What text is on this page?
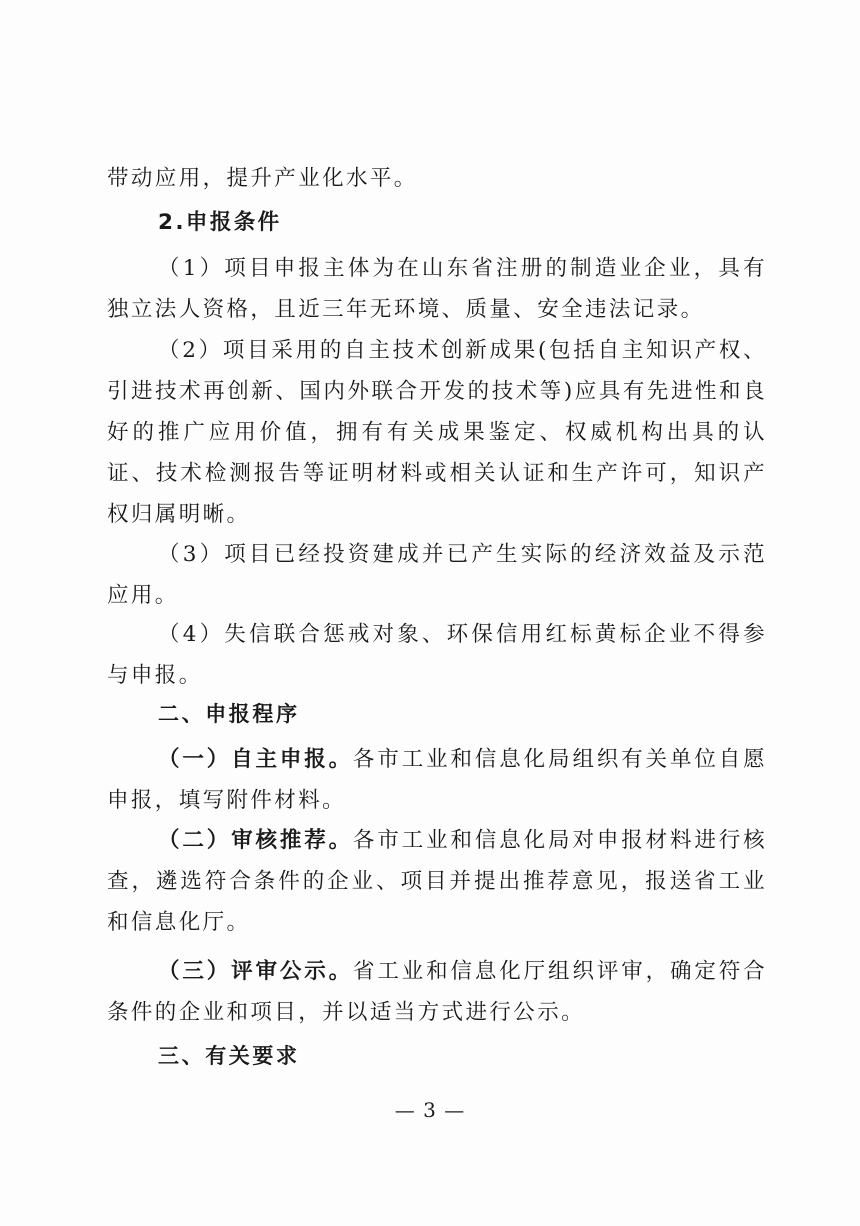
带动应用，提升产业化水平。

2.申报条件

（1）项目申报主体为在山东省注册的制造业企业，具有独立法人资格，且近三年无环境、质量、安全违法记录。

（2）项目采用的自主技术创新成果(包括自主知识产权、引进技术再创新、国内外联合开发的技术等)应具有先进性和良好的推广应用价值，拥有有关成果鉴定、权威机构出具的认证、技术检测报告等证明材料或相关认证和生产许可，知识产权归属明晰。

（3）项目已经投资建成并已产生实际的经济效益及示范应用。

（4）失信联合惩戒对象、环保信用红标黄标企业不得参与申报。

二、申报程序

（一）自主申报。各市工业和信息化局组织有关单位自愿申报，填写附件材料。

（二）审核推荐。各市工业和信息化局对申报材料进行核查，遴选符合条件的企业、项目并提出推荐意见，报送省工业和信息化厅。

（三）评审公示。省工业和信息化厅组织评审，确定符合条件的企业和项目，并以适当方式进行公示。

三、有关要求

— 3 —
